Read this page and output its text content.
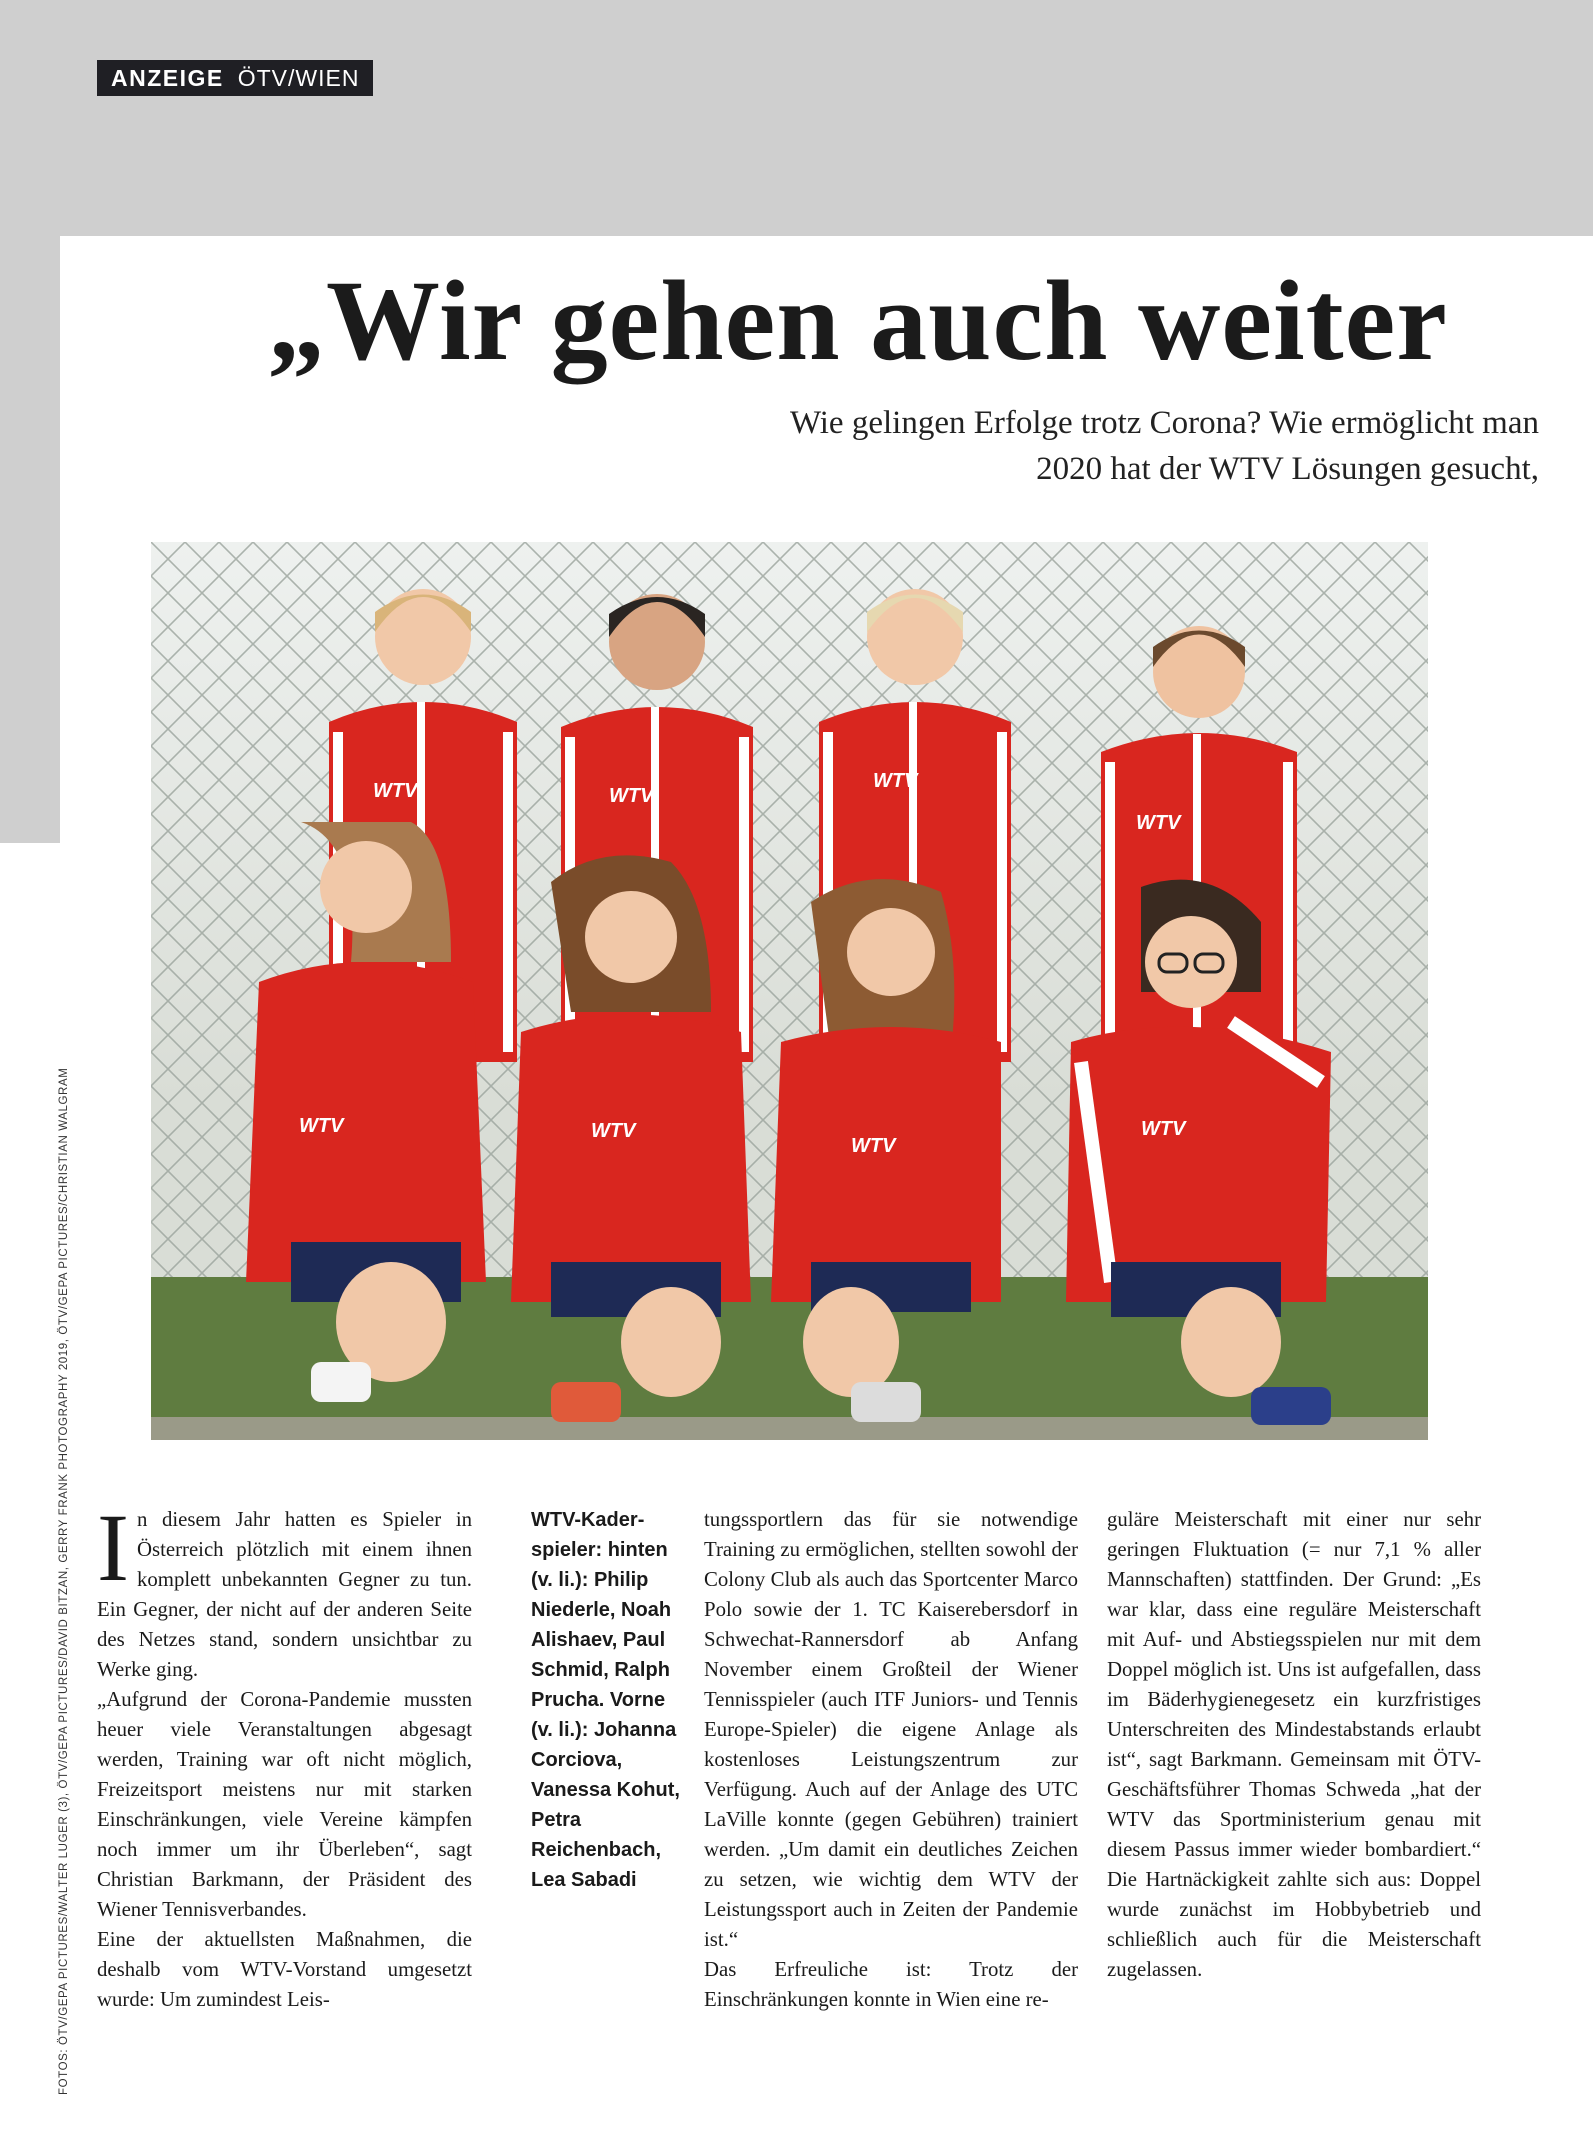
ANZEIGE ÖTV/WIEN
„Wir gehen auch weiter
Wie gelingen Erfolge trotz Corona? Wie ermöglicht man
2020 hat der WTV Lösungen gesucht,
WTV	WTV
WTV
WTV
WTV	WTV
WTV
WTV
FOTOS: ÖTV/GEPA PICTURES/WALTER LUGER (3), ÖTV/GEPA PICTURES/DAVID BITZAN, GERRY FRANK PHOTOGRAPHY 2019, ÖTV/GEPA PICTURES/CHRISTIAN WALGRAM In diesem Jahr hatten es Spieler in Österreich plötzlich mit einem ihnen komplett unbekannten Gegner zu tun. Ein Gegner, der nicht auf der anderen Seite des Netzes stand, sondern unsichtbar zu Werke ging.

„Aufgrund der Corona-Pandemie mussten heuer viele Veranstaltungen abgesagt werden, Training war oft nicht möglich, Freizeitsport meistens nur mit starken Einschränkungen, viele Vereine kämpfen noch immer um ihr Überleben“, sagt Christian Barkmann, der Präsident des Wiener Tennisverbandes.

Eine der aktuellsten Maßnahmen, die deshalb vom WTV-Vorstand umgesetzt wurde: Um zumindest Leis-

WTV-Kaderspieler: hinten (v. li.): Philip Niederle, Noah Alishaev, Paul Schmid, Ralph Prucha. Vorne (v. li.): Johanna Corciova, Vanessa Kohut, Petra Reichenbach, Lea Sabadi

tungssportlern das für sie notwendige Training zu ermöglichen, stellten sowohl der Colony Club als auch das Sportcenter Marco Polo sowie der 1. TC Kaiserebersdorf in Schwechat-Rannersdorf ab Anfang November einem Großteil der Wiener Tennisspieler (auch ITF Juniors- und Tennis Europe-Spieler) die eigene Anlage als kostenloses Leistungszentrum zur Verfügung. Auch auf der Anlage des UTC LaVille konnte (gegen Gebühren) trainiert werden. „Um damit ein deutliches Zeichen zu setzen, wie wichtig dem WTV der Leistungssport auch in Zeiten der Pandemie ist.“

Das Erfreuliche ist: Trotz der Einschränkungen konnte in Wien eine re-

guläre Meisterschaft mit einer nur sehr geringen Fluktuation (= nur 7,1 % aller Mannschaften) stattfinden. Der Grund: „Es war klar, dass eine reguläre Meisterschaft mit Auf- und Abstiegsspielen nur mit dem Doppel möglich ist. Uns ist aufgefallen, dass im Bäderhygienegesetz ein kurzfristiges Unterschreiten des Mindestabstands erlaubt ist“, sagt Barkmann. Gemeinsam mit ÖTV-Geschäftsführer Thomas Schweda „hat der WTV das Sportministerium genau mit diesem Passus immer wieder bombardiert.“ Die Hartnäckigkeit zahlte sich aus: Doppel wurde zunächst im Hobbybetrieb und schließlich auch für die Meisterschaft zugelassen.
